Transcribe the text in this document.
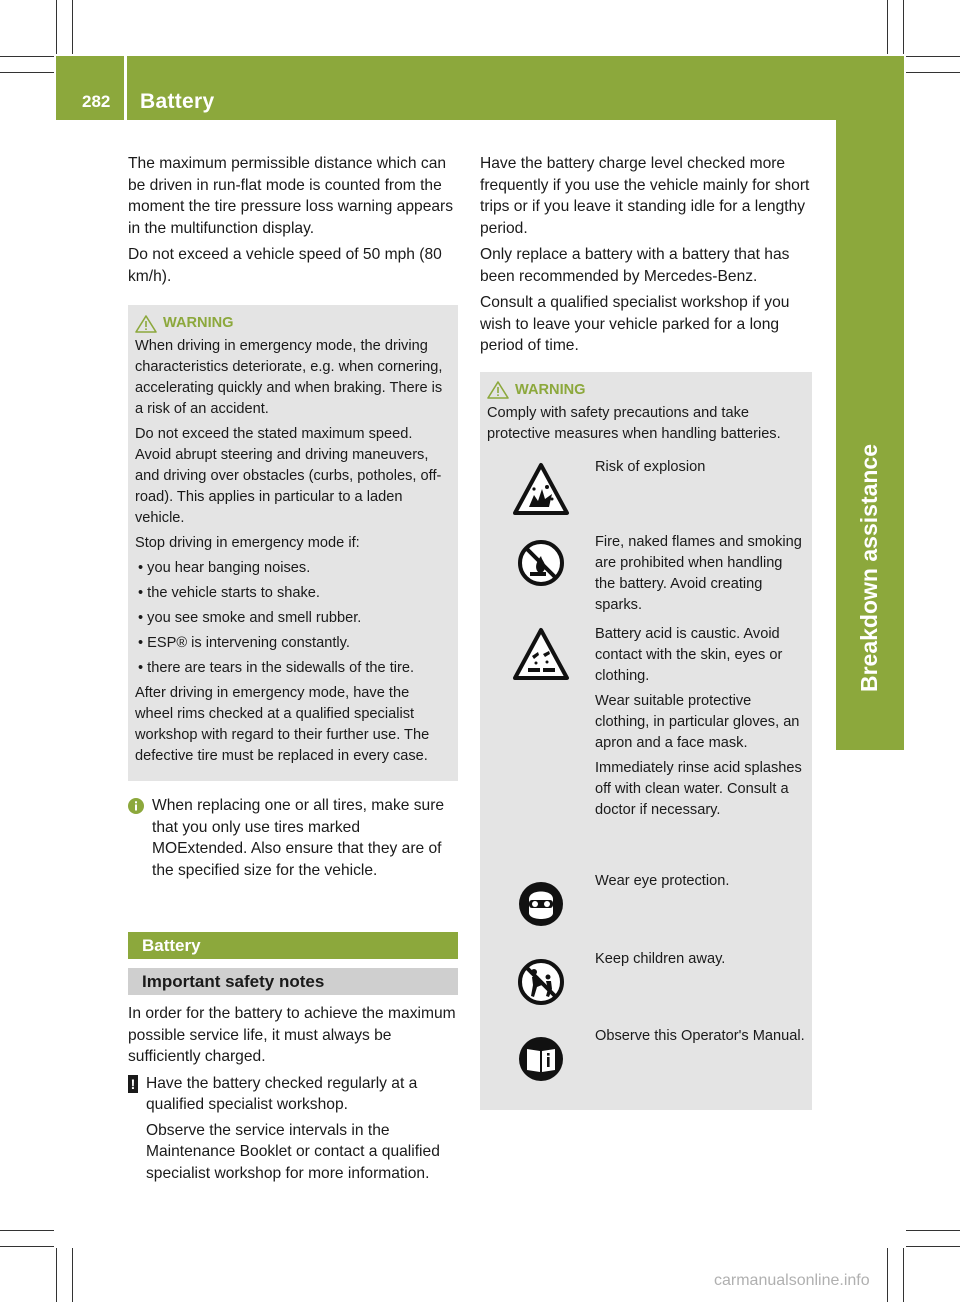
282 Battery
Breakdown assistance

The maximum permissible distance which can be driven in run-flat mode is counted from the moment the tire pressure loss warning appears in the multifunction display.

Do not exceed a vehicle speed of 50 mph (80 km/h).

WARNING

When driving in emergency mode, the driving characteristics deteriorate, e.g. when cornering, accelerating quickly and when braking. There is a risk of an accident.

Do not exceed the stated maximum speed. Avoid abrupt steering and driving maneuvers, and driving over obstacles (curbs, potholes, off-road). This applies in particular to a laden vehicle.

Stop driving in emergency mode if:

• you hear banging noises.

• the vehicle starts to shake.

• you see smoke and smell rubber.

• ESP® is intervening constantly.

• there are tears in the sidewalls of the tire.

After driving in emergency mode, have the wheel rims checked at a qualified specialist workshop with regard to their further use. The defective tire must be replaced in every case.

When replacing one or all tires, make sure that you only use tires marked MOExtended. Also ensure that they are of the specified size for the vehicle.

Battery
Important safety notes

In order for the battery to achieve the maximum possible service life, it must always be sufficiently charged.

! Have the battery checked regularly at a qualified specialist workshop.

Observe the service intervals in the Maintenance Booklet or contact a qualified specialist workshop for more information.

Have the battery charge level checked more frequently if you use the vehicle mainly for short trips or if you leave it standing idle for a lengthy period.

Only replace a battery with a battery that has been recommended by Mercedes-Benz.

Consult a qualified specialist workshop if you wish to leave your vehicle parked for a long period of time.

WARNING

Comply with safety precautions and take protective measures when handling batteries.

Risk of explosion

Fire, naked flames and smoking are prohibited when handling the battery. Avoid creating sparks.

Battery acid is caustic. Avoid contact with the skin, eyes or clothing.

Wear suitable protective clothing, in particular gloves, an apron and a face mask.

Immediately rinse acid splashes off with clean water. Consult a doctor if necessary.

Wear eye protection.

Keep children away.

Observe this Operator's Manual.

carmanualsonline.info
